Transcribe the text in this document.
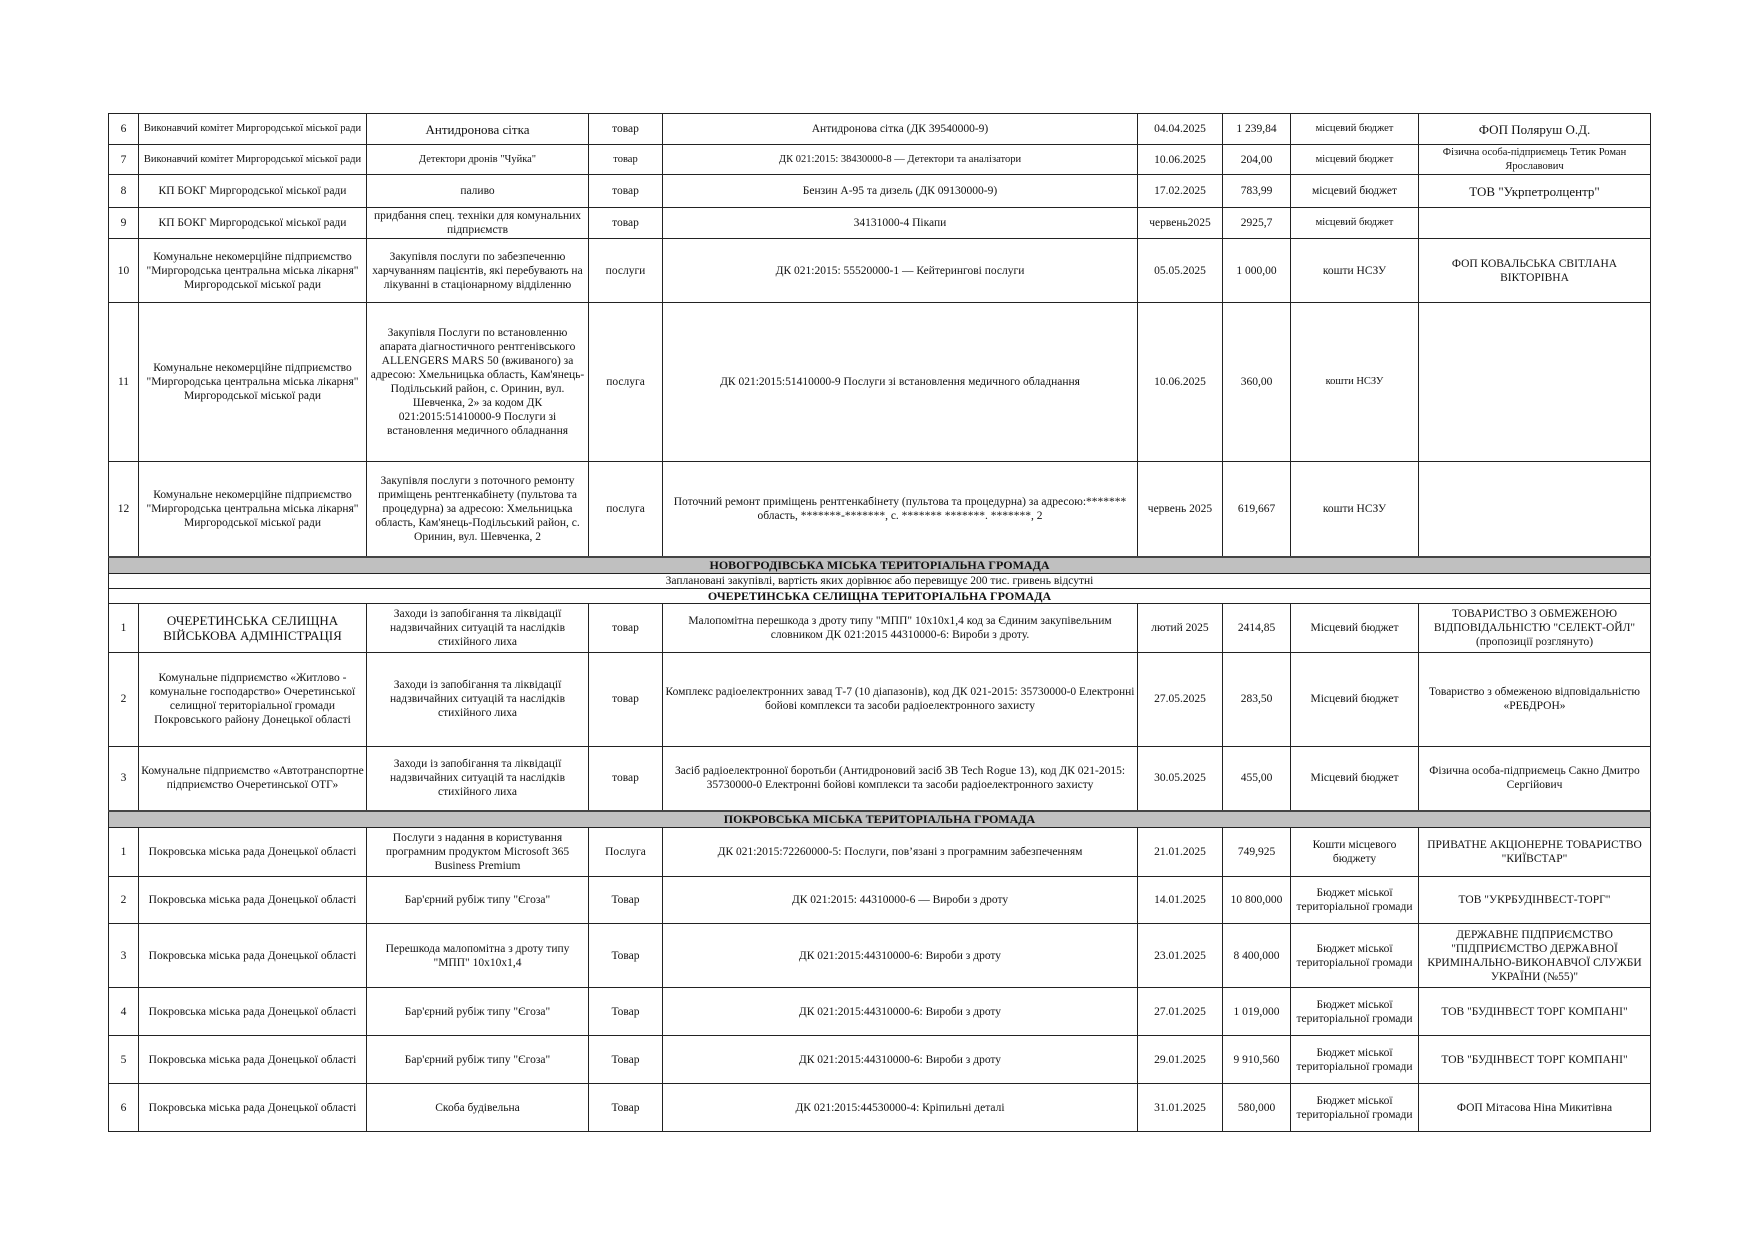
6	Виконавчий комітет Миргородської міської ради	Антидронова сітка	товар	Антидронова сітка (ДК 39540000-9)	04.04.2025	1 239,84	місцевий бюджет	ФОП Поляруш О.Д.
7	Виконавчий комітет Миргородської міської ради	Детектори дронів "Чуйка"	товар	ДК 021:2015: 38430000-8 — Детектори та аналізатори	10.06.2025	204,00	місцевий бюджет	Фізична особа-підприємець Тетик Роман Ярославович
8	КП БОКГ Миргородської міської ради	паливо	товар	Бензин А-95 та дизель (ДК 09130000-9)	17.02.2025	783,99	місцевий бюджет	ТОВ "Укрпетролцентр"
9	КП БОКГ Миргородської міської ради	придбання спец. техніки для комунальних підприємств	товар	34131000-4 Пікапи	червень2025	2925,7	місцевий бюджет	
10	Комунальне некомерційне підприємство "Миргородська центральна міська лікарня" Миргородської міської ради	Закупівля послуги по забезпеченню харчуванням пацієнтів, які перебувають на лікуванні в стаціонарному відділенню	послуги	ДК 021:2015: 55520000-1 — Кейтерингові послуги	05.05.2025	1 000,00	кошти НСЗУ	ФОП КОВАЛЬСЬКА СВІТЛАНА ВІКТОРІВНА
11	Комунальне некомерційне підприємство "Миргородська центральна міська лікарня" Миргородської міської ради	Закупівля Послуги по встановленню апарата діагностичного рентгенівського ALLENGERS MARS 50 (вживаного) за адресою: Хмельницька область, Кам'янець-Подільський район, с. Оринин, вул. Шевченка, 2» за кодом ДК 021:2015:51410000-9 Послуги зі встановлення медичного обладнання	послуга	ДК 021:2015:51410000-9 Послуги зі встановлення медичного обладнання	10.06.2025	360,00	кошти НСЗУ	
12	Комунальне некомерційне підприємство "Миргородська центральна міська лікарня" Миргородської міської ради	Закупівля послуги з поточного ремонту приміщень рентгенкабінету (пультова та процедурна) за адресою: Хмельницька область, Кам'янець-Подільський район, с. Оринин, вул. Шевченка, 2	послуга	Поточний ремонт приміщень рентгенкабінету (пультова та процедурна) за адресою:******* область, *******-*******, с. ******* *******. *******, 2	червень 2025	619,667	кошти НСЗУ	
НОВОГРОДІВСЬКА МІСЬКА ТЕРИТОРІАЛЬНА ГРОМАДА								
Заплановані закупівлі, вартість яких дорівнює або перевищує 200 тис. гривень відсутні								
ОЧЕРЕТИНСЬКА СЕЛИЩНА ТЕРИТОРІАЛЬНА ГРОМАДА								
1	ОЧЕРЕТИНСЬКА СЕЛИЩНА ВІЙСЬКОВА АДМІНІСТРАЦІЯ	Заходи із запобігання та ліквідації надзвичайних ситуацій та наслідків стихійного лиха	товар	Малопомітна перешкода з дроту типу "МПП" 10х10х1,4 код за Єдиним закупівельним словником ДК 021:2015 44310000-6: Вироби з дроту.	лютий 2025	2414,85	Місцевий бюджет	ТОВАРИСТВО З ОБМЕЖЕНОЮ ВІДПОВІДАЛЬНІСТЮ "СЕЛЕКТ-ОЙЛ" (пропозиції розглянуто)
2	Комунальне підприємство «Житлово - комунальне господарство» Очеретинської селищної територіальної громади Покровського району Донецької області	Заходи із запобігання та ліквідації надзвичайних ситуацій та наслідків стихійного лиха	товар	Комплекс радіоелектронних завад Т-7 (10 діапазонів), код ДК 021-2015: 35730000-0 Електронні бойові комплекси та засоби радіоелектронного захисту	27.05.2025	283,50	Місцевий бюджет	Товариство з обмеженою відповідальністю «РЕБДРОН»
3	Комунальне підприємство «Автотранспортне підприємство Очеретинської ОТГ»	Заходи із запобігання та ліквідації надзвичайних ситуацій та наслідків стихійного лиха	товар	Засіб радіоелектронної боротьби (Антидроновий засіб ЗВ Tech Rogue 13), код ДК 021-2015: 35730000-0 Електронні бойові комплекси та засоби радіоелектронного захисту	30.05.2025	455,00	Місцевий бюджет	Фізична особа-підприємець Сакно Дмитро Сергійович
ПОКРОВСЬКА МІСЬКА ТЕРИТОРІАЛЬНА ГРОМАДА								
1	Покровська міська рада Донецької області	Послуги з надання в користування програмним продуктом Microsoft 365 Business Premium	Послуга	ДК 021:2015:72260000-5: Послуги, пов’язані з програмним забезпеченням	21.01.2025	749,925	Кошти місцевого бюджету	ПРИВАТНЕ АКЦІОНЕРНЕ ТОВАРИСТВО "КИЇВСТАР"
2	Покровська міська рада Донецької області	Бар'єрний рубіж типу "Єгоза"	Товар	ДК 021:2015: 44310000-6 — Вироби з дроту	14.01.2025	10 800,000	Бюджет міської територіальної громади	ТОВ "УКРБУДІНВЕСТ-ТОРГ"
3	Покровська міська рада Донецької області	Перешкода малопомітна з дроту типу "МПП" 10х10х1,4	Товар	ДК 021:2015:44310000-6: Вироби з дроту	23.01.2025	8 400,000	Бюджет міської територіальної громади	ДЕРЖАВНЕ ПІДПРИЄМСТВО "ПІДПРИЄМСТВО ДЕРЖАВНОЇ КРИМІНАЛЬНО-ВИКОНАВЧОЇ СЛУЖБИ УКРАЇНИ (№55)"
4	Покровська міська рада Донецької області	Бар'єрний рубіж типу "Єгоза"	Товар	ДК 021:2015:44310000-6: Вироби з дроту	27.01.2025	1 019,000	Бюджет міської територіальної громади	ТОВ "БУДІНВЕСТ ТОРГ КОМПАНІ"
5	Покровська міська рада Донецької області	Бар'єрний рубіж типу "Єгоза"	Товар	ДК 021:2015:44310000-6: Вироби з дроту	29.01.2025	9 910,560	Бюджет міської територіальної громади	ТОВ "БУДІНВЕСТ ТОРГ КОМПАНІ"
6	Покровська міська рада Донецької області	Скоба будівельна	Товар	ДК 021:2015:44530000-4: Кріпильні деталі	31.01.2025	580,000	Бюджет міської територіальної громади	ФОП Мітасова Ніна Микитівна
